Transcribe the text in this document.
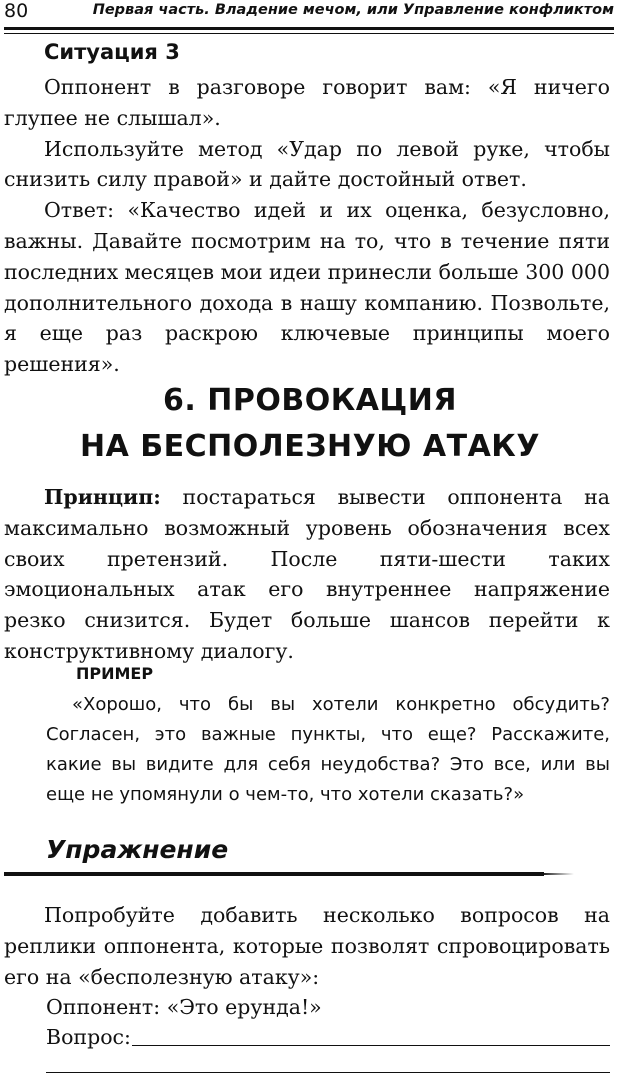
80	Первая часть. Владение мечом, или Управление конфликтом
Ситуация 3

Оппонент в разговоре говорит вам: «Я ничего глупее не слышал».

Используйте метод «Удар по левой руке, чтобы снизить силу правой» и дайте достойный ответ.

Ответ: «Качество идей и их оценка, безусловно, важны. Давайте посмотрим на то, что в течение пяти последних месяцев мои идеи принесли больше 300 000 дополнительного дохода в нашу компанию. Позвольте, я еще раз раскрою ключевые принципы моего решения».

6. ПРОВОКАЦИЯ
НА БЕСПОЛЕЗНУЮ АТАКУ

Принцип: постараться вывести оппонента на максимально возможный уровень обозначения всех своих претензий. После пяти-шести таких эмоциональных атак его внутреннее напряжение резко снизится. Будет больше шансов перейти к конструктивному диалогу.

ПРИМЕР
«Хорошо, что бы вы хотели конкретно обсудить? Согласен, это важные пункты, что еще? Расскажите, какие вы видите для себя неудобства? Это все, или вы еще не упомянули о чем-то, что хотели сказать?»
Упражнение

Попробуйте добавить несколько вопросов на реплики оппонента, которые позволят спровоцировать его на «бесполезную атаку»:

Оппонент: «Это ерунда!»
Вопрос:
